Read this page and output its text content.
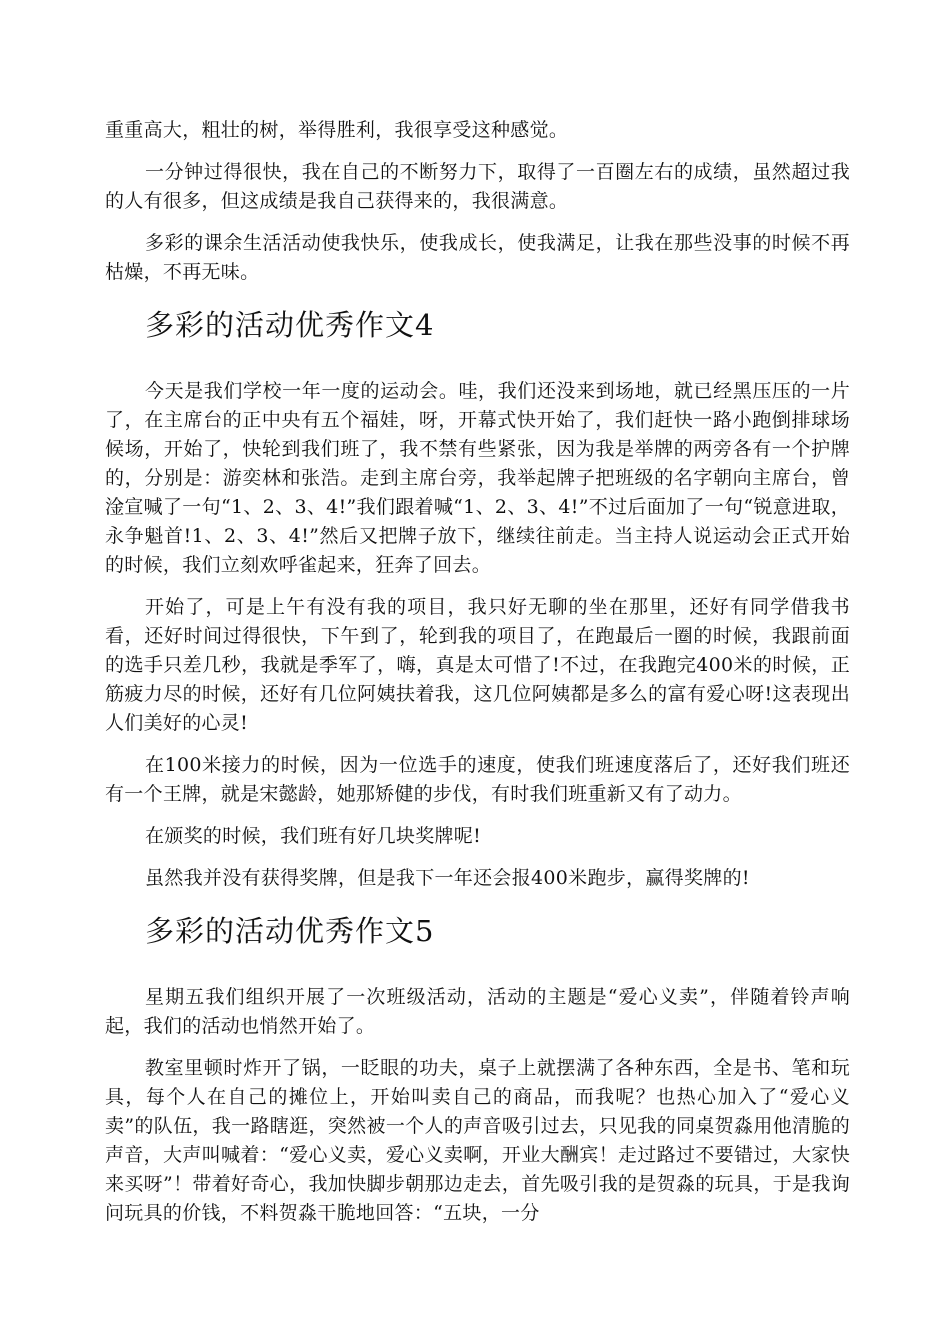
重重高大，粗壮的树，举得胜利，我很享受这种感觉。

一分钟过得很快，我在自己的不断努力下，取得了一百圈左右的成绩，虽然超过我的人有很多，但这成绩是我自己获得来的，我很满意。

多彩的课余生活活动使我快乐，使我成长，使我满足，让我在那些没事的时候不再枯燥，不再无味。

多彩的活动优秀作文4

今天是我们学校一年一度的运动会。哇，我们还没来到场地，就已经黑压压的一片了，在主席台的正中央有五个福娃，呀，开幕式快开始了，我们赶快一路小跑倒排球场候场，开始了，快轮到我们班了，我不禁有些紧张，因为我是举牌的两旁各有一个护牌的，分别是：游奕林和张浩。走到主席台旁，我举起牌子把班级的名字朝向主席台，曾淦宣喊了一句“1、2、3、4!”我们跟着喊“1、2、3、4!”不过后面加了一句“锐意进取，永争魁首!1、2、3、4!”然后又把牌子放下，继续往前走。当主持人说运动会正式开始的时候，我们立刻欢呼雀起来，狂奔了回去。

开始了，可是上午有没有我的项目，我只好无聊的坐在那里，还好有同学借我书看，还好时间过得很快，下午到了，轮到我的项目了，在跑最后一圈的时候，我跟前面的选手只差几秒，我就是季军了，嗨，真是太可惜了!不过，在我跑完400米的时候，正筋疲力尽的时候，还好有几位阿姨扶着我，这几位阿姨都是多么的富有爱心呀!这表现出人们美好的心灵!

在100米接力的时候，因为一位选手的速度，使我们班速度落后了，还好我们班还有一个王牌，就是宋懿龄，她那矫健的步伐，有时我们班重新又有了动力。

在颁奖的时候，我们班有好几块奖牌呢!

虽然我并没有获得奖牌，但是我下一年还会报400米跑步，赢得奖牌的!

多彩的活动优秀作文5

星期五我们组织开展了一次班级活动，活动的主题是“爱心义卖”，伴随着铃声响起，我们的活动也悄然开始了。

教室里顿时炸开了锅，一眨眼的功夫，桌子上就摆满了各种东西，全是书、笔和玩具，每个人在自己的摊位上，开始叫卖自己的商品，而我呢？也热心加入了“爱心义卖”的队伍，我一路瞎逛，突然被一个人的声音吸引过去，只见我的同桌贺淼用他清脆的声音，大声叫喊着：“爱心义卖，爱心义卖啊，开业大酬宾！走过路过不要错过，大家快来买呀”！带着好奇心，我加快脚步朝那边走去，首先吸引我的是贺淼的玩具，于是我询问玩具的价钱，不料贺淼干脆地回答：“五块，一分
